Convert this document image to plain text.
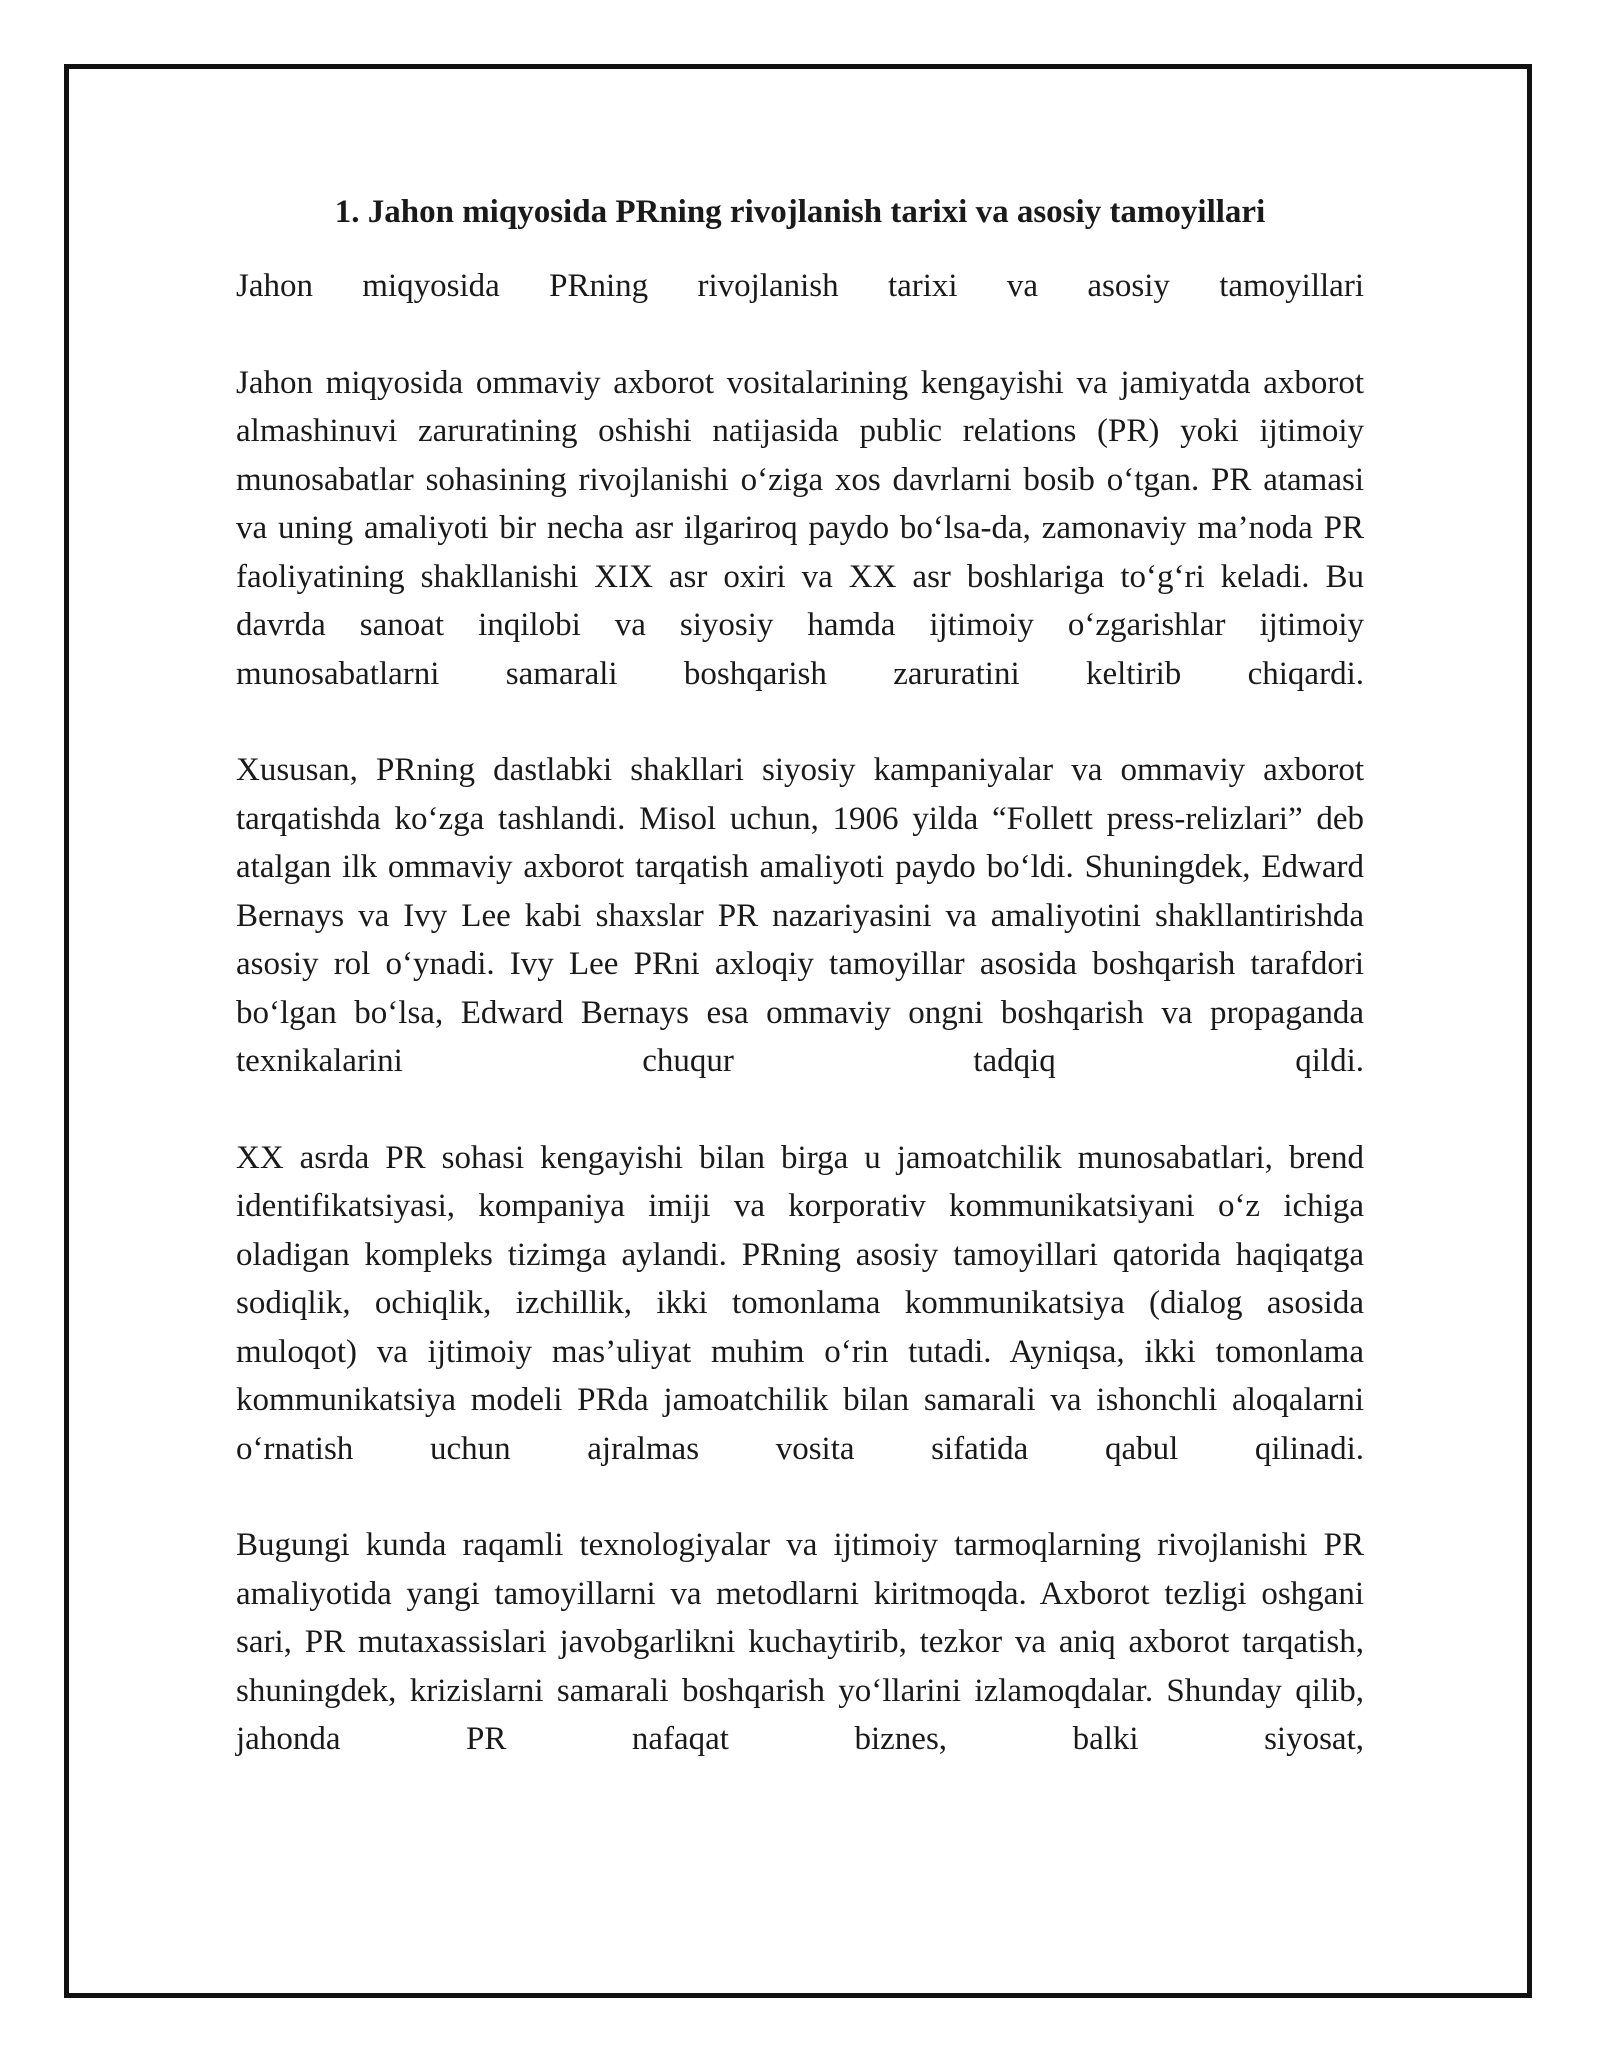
1. Jahon miqyosida PRning rivojlanish tarixi va asosiy tamoyillari

Jahon miqyosida PRning rivojlanish tarixi va asosiy tamoyillari

Jahon miqyosida ommaviy axborot vositalarining kengayishi va jamiyatda axborot almashinuvi zaruratining oshishi natijasida public relations (PR) yoki ijtimoiy munosabatlar sohasining rivojlanishi o‘ziga xos davrlarni bosib o‘tgan. PR atamasi va uning amaliyoti bir necha asr ilgariroq paydo bo‘lsa-da, zamonaviy ma’noda PR faoliyatining shakllanishi XIX asr oxiri va XX asr boshlariga to‘g‘ri keladi. Bu davrda sanoat inqilobi va siyosiy hamda ijtimoiy o‘zgarishlar ijtimoiy munosabatlarni samarali boshqarish zaruratini keltirib chiqardi.

Xususan, PRning dastlabki shakllari siyosiy kampaniyalar va ommaviy axborot tarqatishda ko‘zga tashlandi. Misol uchun, 1906 yilda “Follett press-relizlari” deb atalgan ilk ommaviy axborot tarqatish amaliyoti paydo bo‘ldi. Shuningdek, Edward Bernays va Ivy Lee kabi shaxslar PR nazariyasini va amaliyotini shakllantirishda asosiy rol o‘ynadi. Ivy Lee PRni axloqiy tamoyillar asosida boshqarish tarafdori bo‘lgan bo‘lsa, Edward Bernays esa ommaviy ongni boshqarish va propaganda texnikalarini chuqur tadqiq qildi.

XX asrda PR sohasi kengayishi bilan birga u jamoatchilik munosabatlari, brend identifikatsiyasi, kompaniya imiji va korporativ kommunikatsiyani o‘z ichiga oladigan kompleks tizimga aylandi. PRning asosiy tamoyillari qatorida haqiqatga sodiqlik, ochiqlik, izchillik, ikki tomonlama kommunikatsiya (dialog asosida muloqot) va ijtimoiy mas’uliyat muhim o‘rin tutadi. Ayniqsa, ikki tomonlama kommunikatsiya modeli PRda jamoatchilik bilan samarali va ishonchli aloqalarni o‘rnatish uchun ajralmas vosita sifatida qabul qilinadi.

Bugungi kunda raqamli texnologiyalar va ijtimoiy tarmoqlarning rivojlanishi PR amaliyotida yangi tamoyillarni va metodlarni kiritmoqda. Axborot tezligi oshgani sari, PR mutaxassislari javobgarlikni kuchaytirib, tezkor va aniq axborot tarqatish, shuningdek, krizislarni samarali boshqarish yo‘llarini izlamoqdalar. Shunday qilib, jahonda PR nafaqat biznes, balki siyosat,
